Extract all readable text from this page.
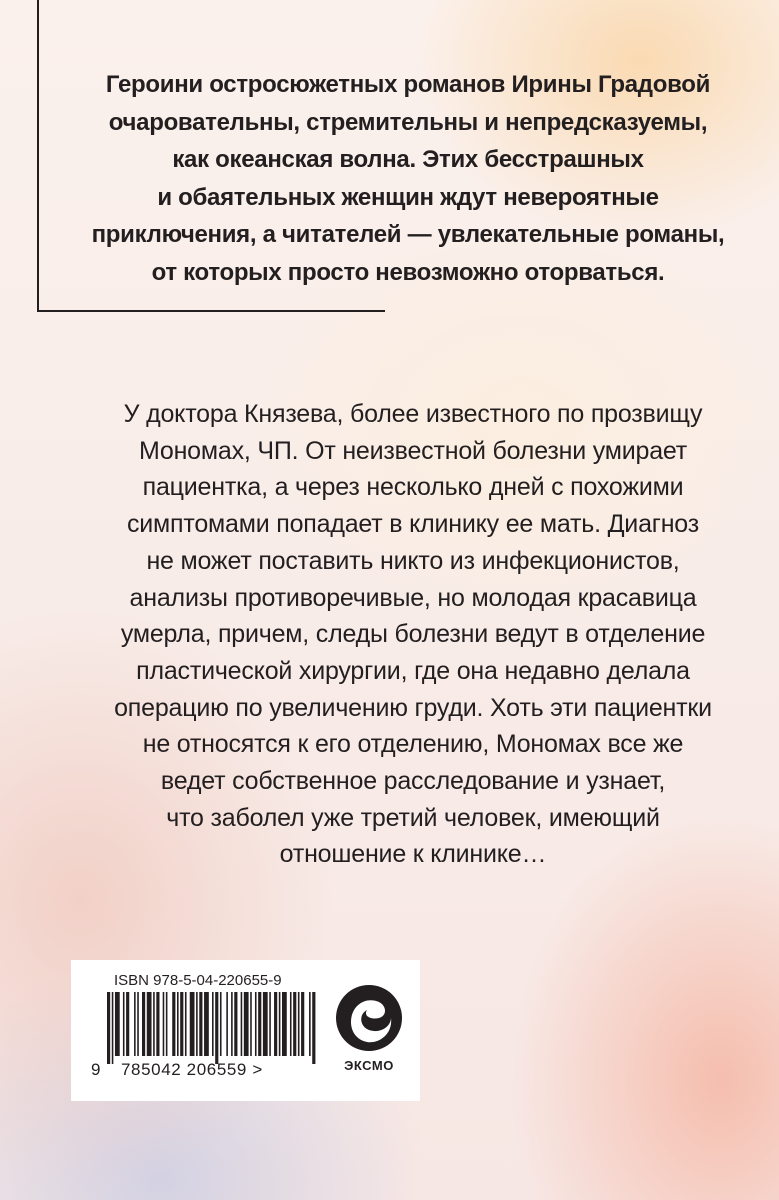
Героини остросюжетных романов Ирины Градовой
очаровательны, стремительны и непредсказуемы,
как океанская волна. Этих бесстрашных
и обаятельных женщин ждут невероятные
приключения, а читателей — увлекательные романы,
от которых просто невозможно оторваться.

У доктора Князева, более известного по прозвищу
Мономах, ЧП. От неизвестной болезни умирает
пациентка, а через несколько дней с похожими
симптомами попадает в клинику ее мать. Диагноз
не может поставить никто из инфекционистов,
анализы противоречивые, но молодая красавица
умерла, причем, следы болезни ведут в отделение
пластической хирургии, где она недавно делала
операцию по увеличению груди. Хоть эти пациентки
не относятся к его отделению, Мономах все же
ведет собственное расследование и узнает,
что заболел уже третий человек, имеющий
отношение к клинике…

ISBN 978-5-04-220655-9
9 785042 206559 >	ЭКСМО
